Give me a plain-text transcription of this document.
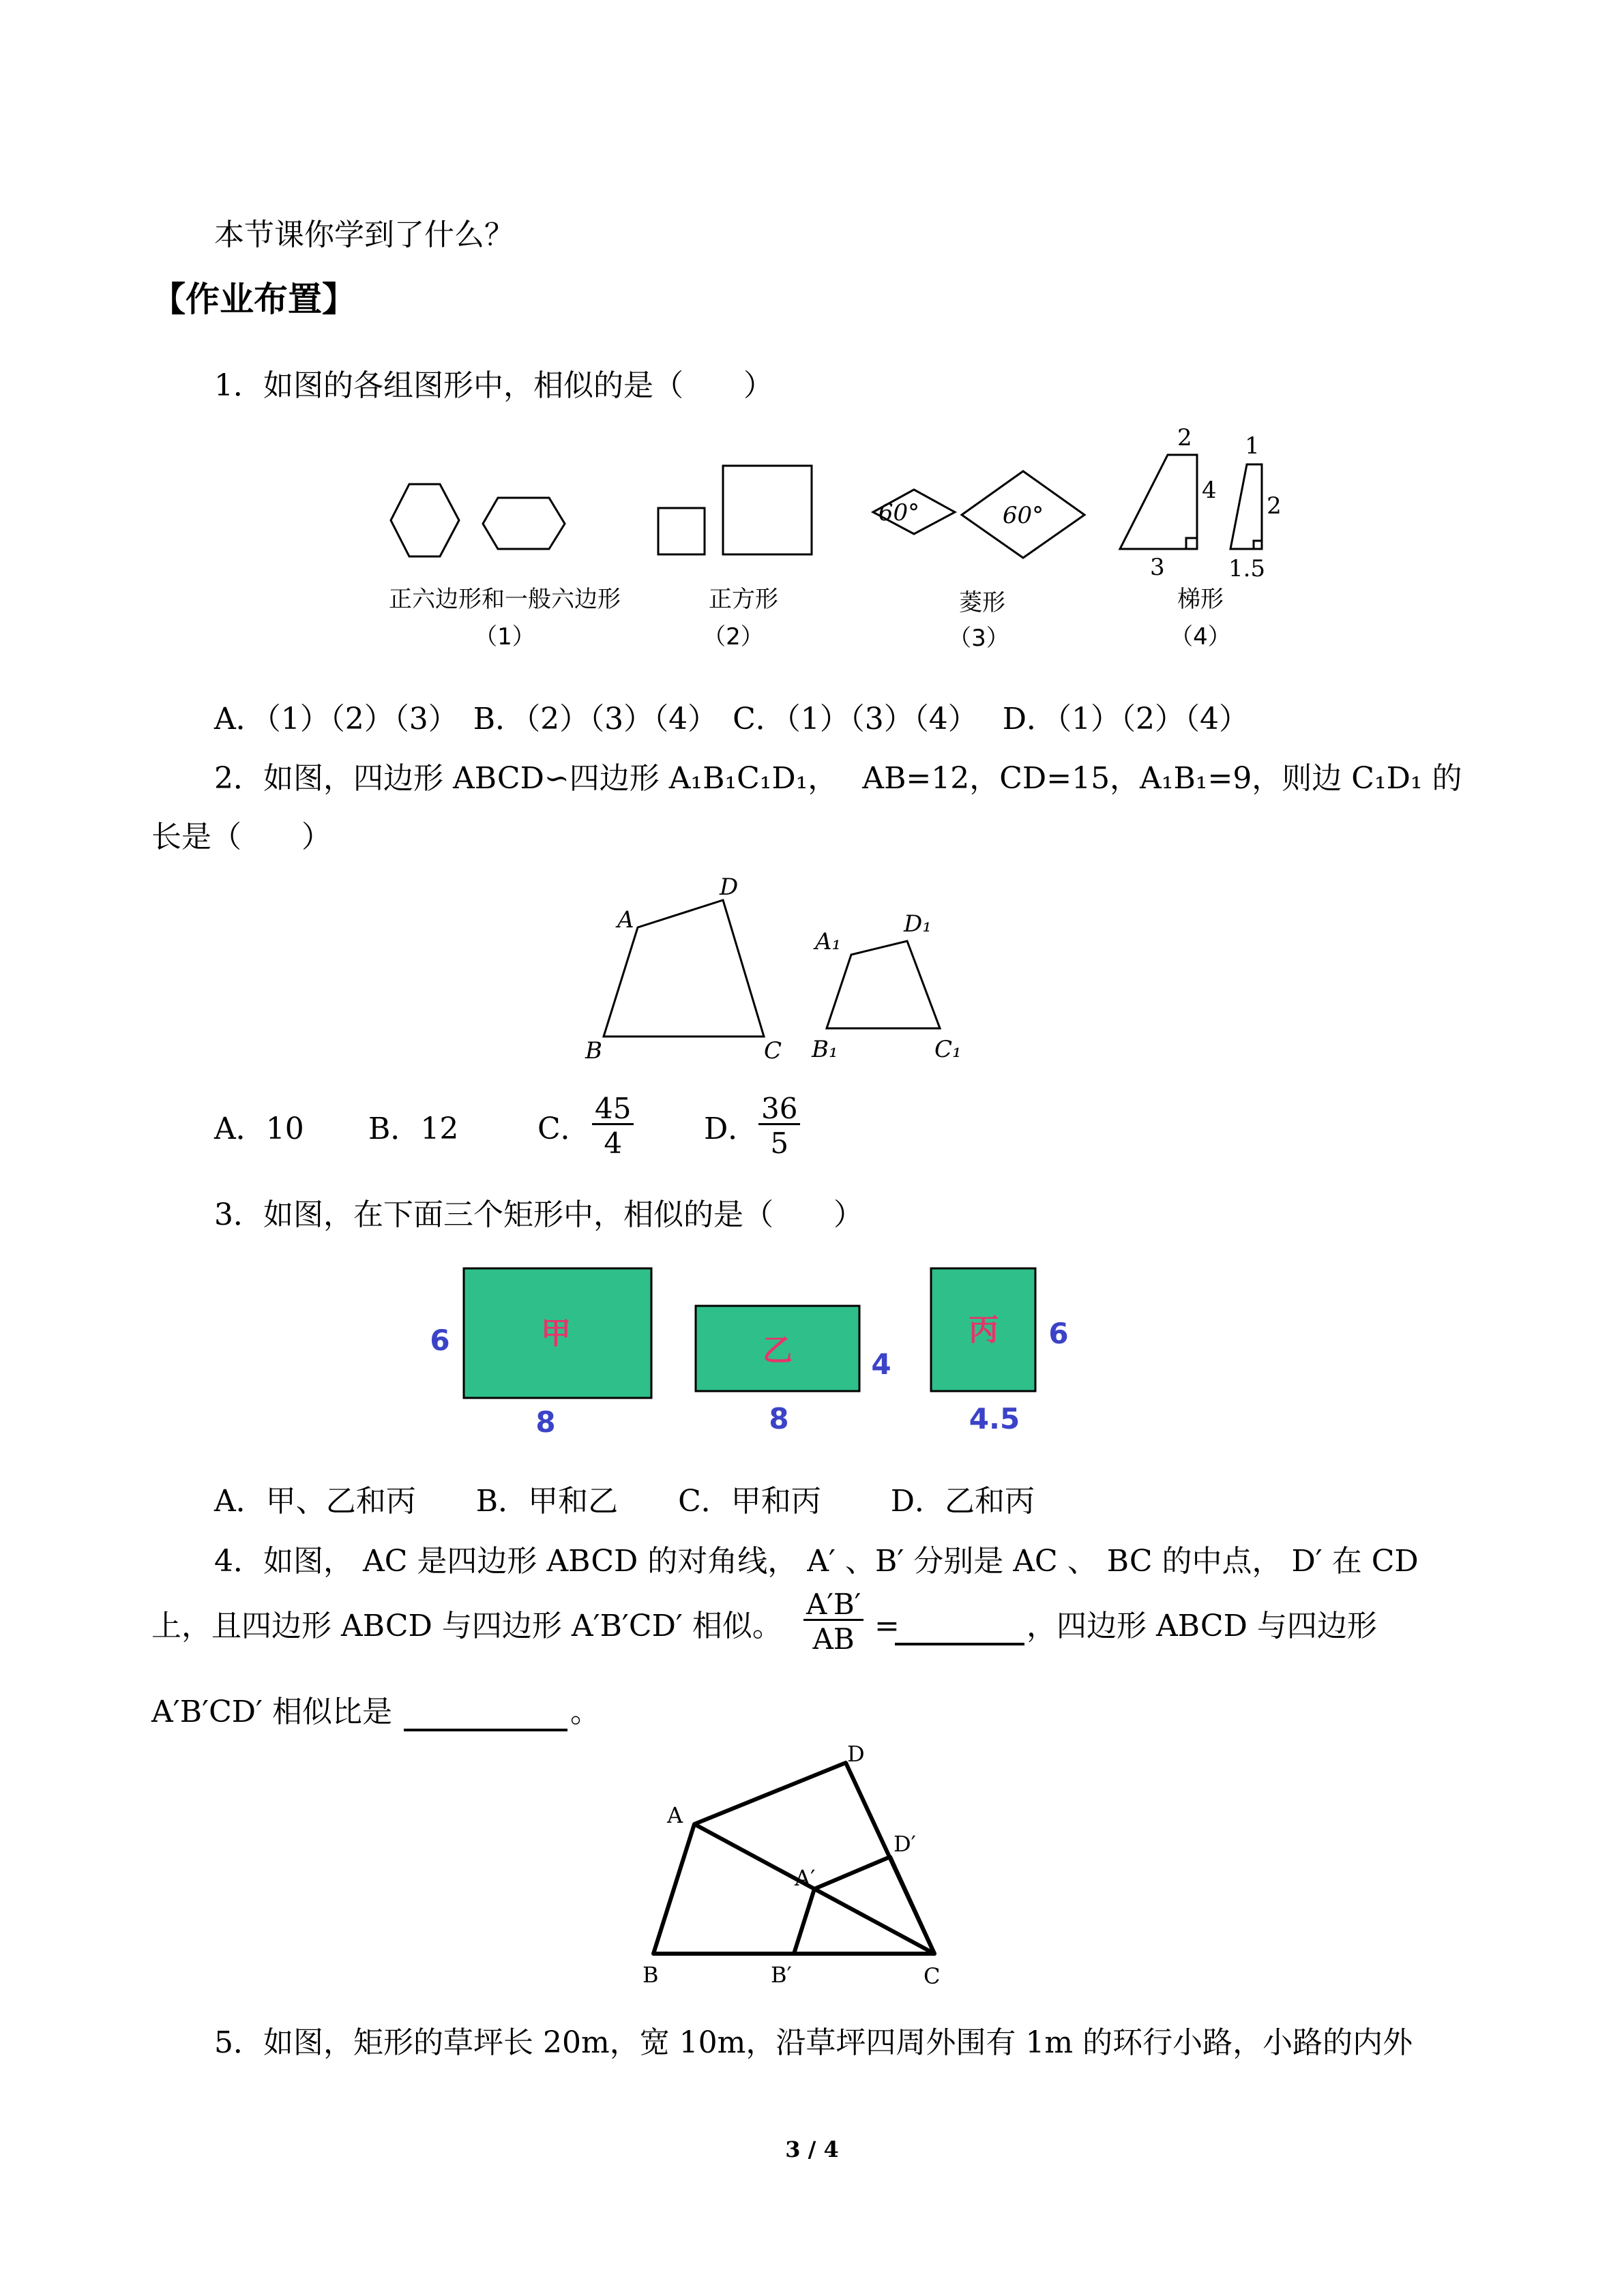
本节课你学到了什么？
【作业布置】
1．如图的各组图形中，相似的是（　　）
60°	60°
2
4
3
1
2
1.5
正六边形和一般六边形
（1）
正方形
（2）
菱形
（3）
梯形
（4）
A．（1）（2）（3）　B．（2）（3）（4）　C．（1）（3）（4）　 D．（1）（2）（4）
2．如图，四边形 ABCD∽四边形 A₁B₁C₁D₁，　 AB=12，CD=15，A₁B₁=9，则边 C₁D₁ 的
长是（　　）
A
D
B	C
A₁
D₁
B₁	C₁
A．10 B．12	C． $\frac{45}{4}$ D． $\frac{36}{5}$
3．如图，在下面三个矩形中，相似的是（　　）
甲	乙
丙
6
8
4
8
6
4.5
A．甲、乙和丙　　B．甲和乙　　C．甲和丙　　 D．乙和丙
4．如图， AC 是四边形 ABCD 的对角线， A′ 、B′ 分别是 AC 、 BC 的中点， D′ 在 CD
上，且四边形 ABCD 与四边形 A′B′CD′ 相似。 $\frac{A'B'}{AB}$ =	，四边形 ABCD 与四边形
A′B′CD′ 相似比是	。
A
D
B	C
A′
D′
B′
5．如图，矩形的草坪长 20m，宽 10m，沿草坪四周外围有 1m 的环行小路，小路的内外
3 / 4
